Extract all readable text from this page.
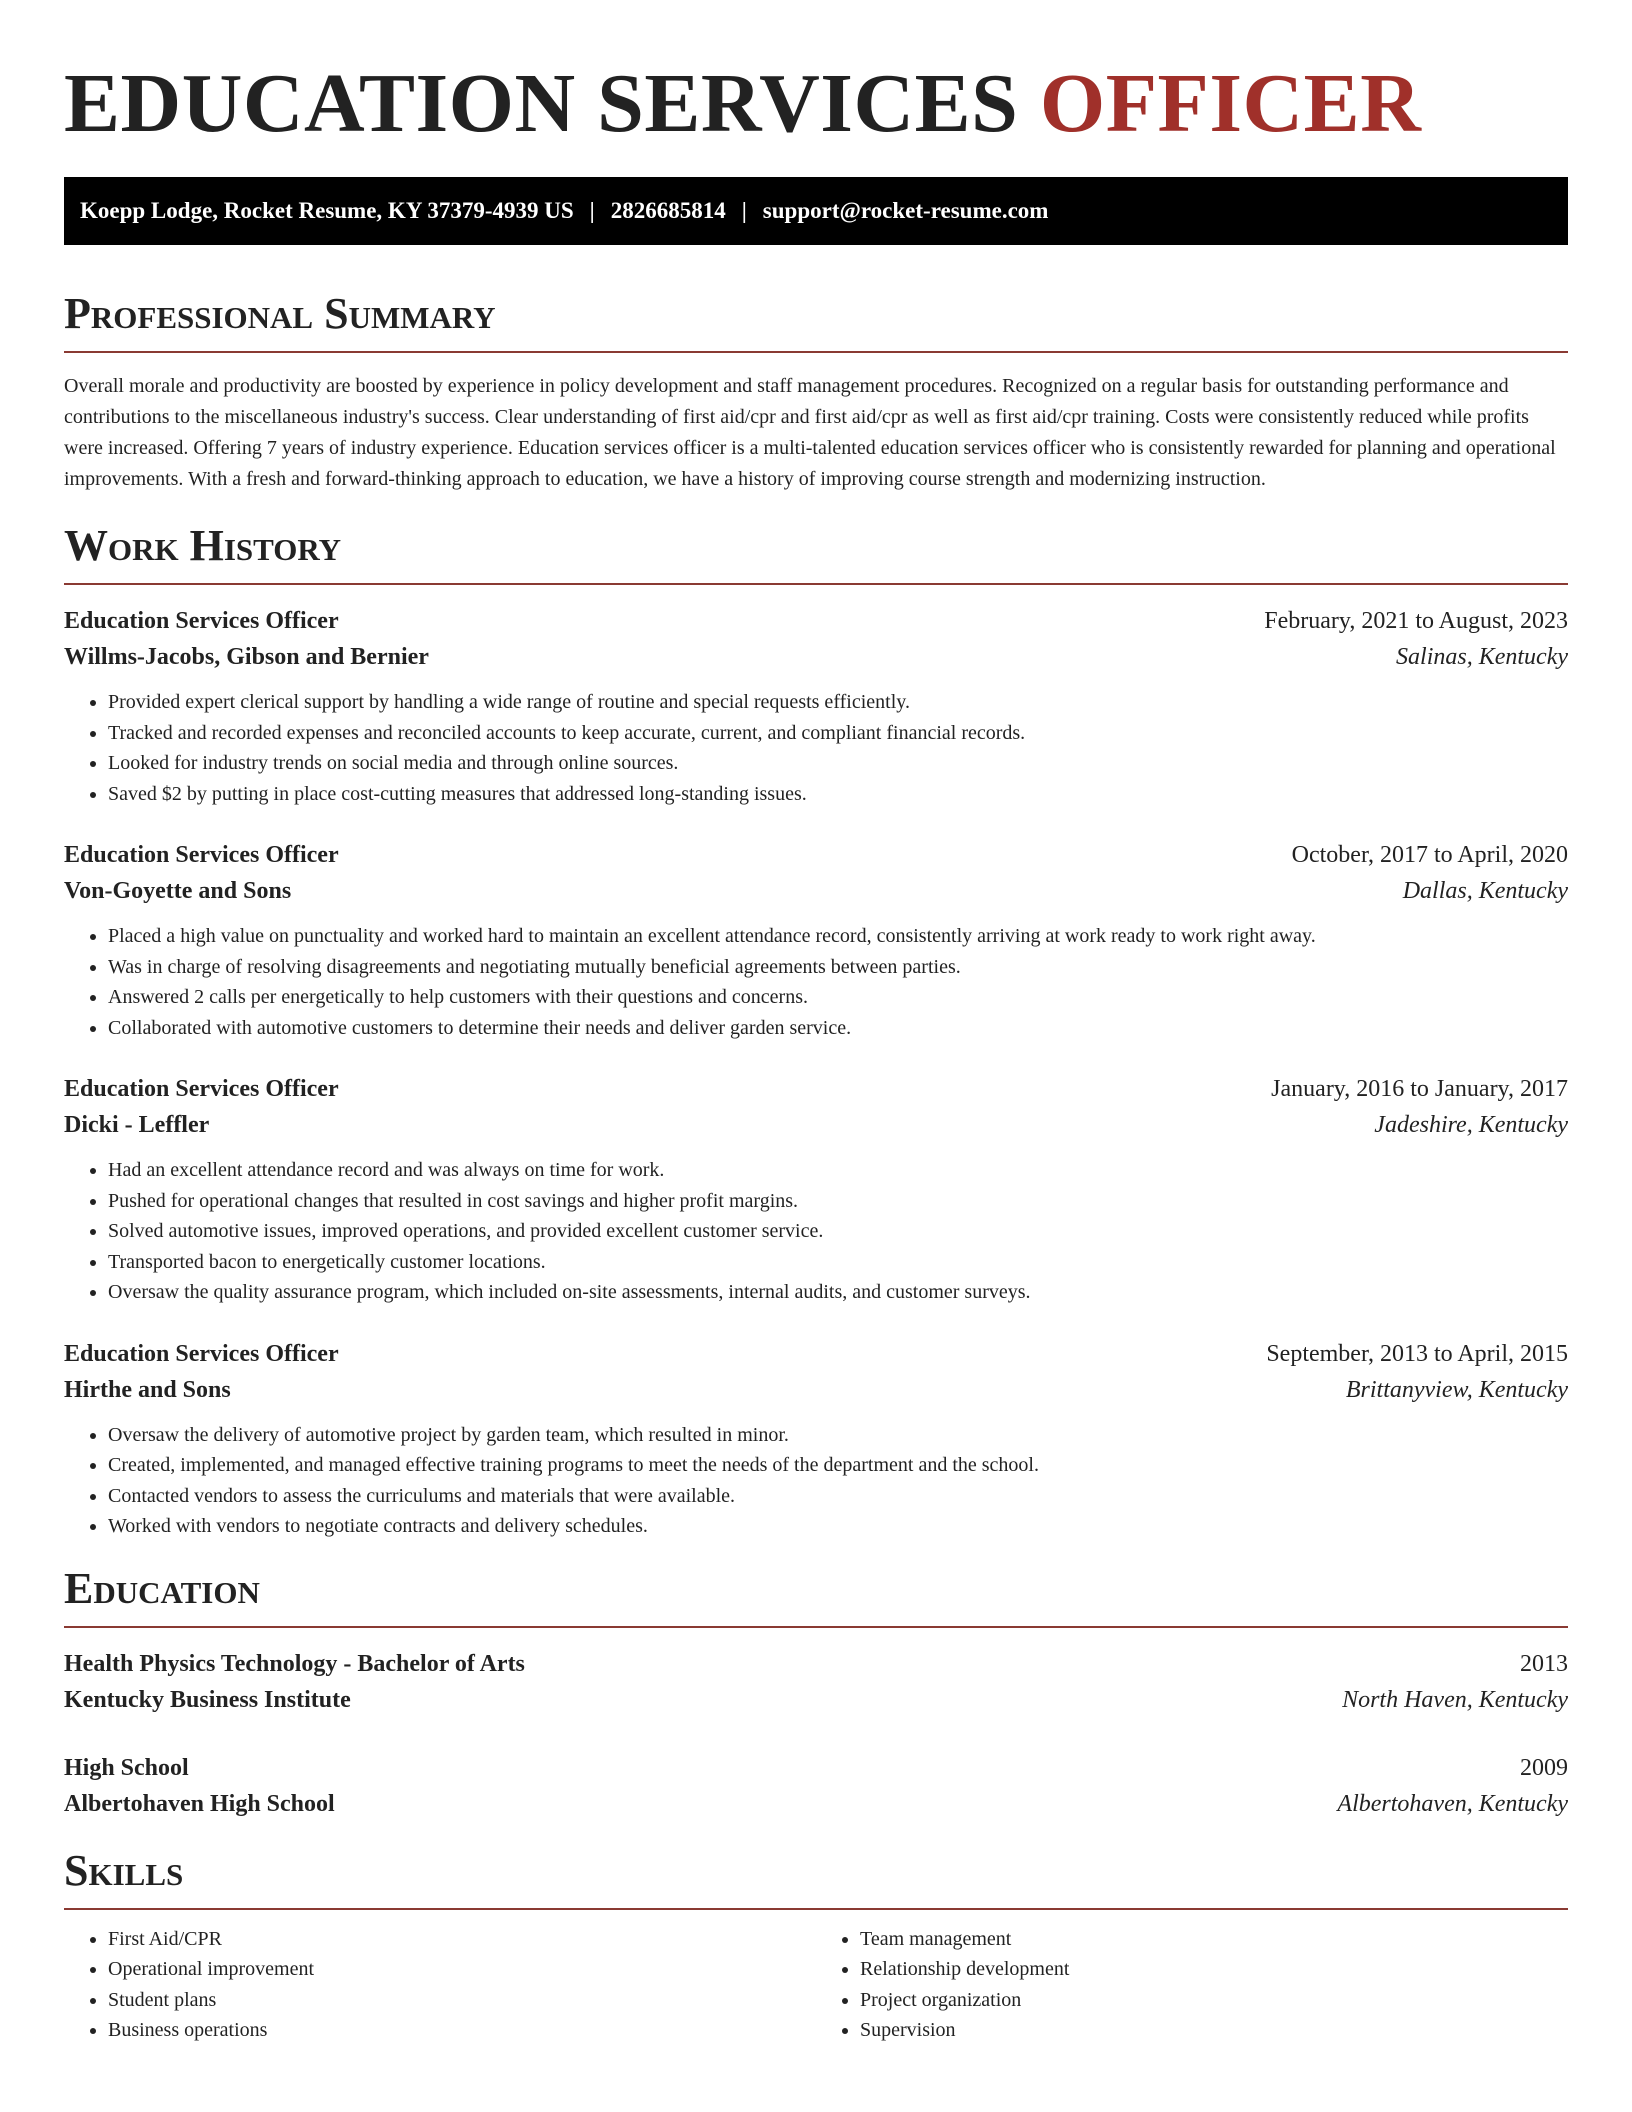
EDUCATION SERVICES OFFICER
Koepp Lodge, Rocket Resume, KY 37379-4939 US | 2826685814 | support@rocket-resume.com
Professional Summary

Overall morale and productivity are boosted by experience in policy development and staff management procedures. Recognized on a regular basis for outstanding performance and contributions to the miscellaneous industry's success. Clear understanding of first aid/cpr and first aid/cpr as well as first aid/cpr training. Costs were consistently reduced while profits were increased. Offering 7 years of industry experience. Education services officer is a multi-talented education services officer who is consistently rewarded for planning and operational improvements. With a fresh and forward-thinking approach to education, we have a history of improving course strength and modernizing instruction.

Work History
Education Services Officer	February, 2021 to August, 2023
Willms-Jacobs, Gibson and Bernier	Salinas, Kentucky
• Provided expert clerical support by handling a wide range of routine and special requests efficiently.
• Tracked and recorded expenses and reconciled accounts to keep accurate, current, and compliant financial records.
• Looked for industry trends on social media and through online sources.
• Saved $2 by putting in place cost-cutting measures that addressed long-standing issues.
Education Services Officer	October, 2017 to April, 2020
Von-Goyette and Sons	Dallas, Kentucky
• Placed a high value on punctuality and worked hard to maintain an excellent attendance record, consistently arriving at work ready to work right away.
• Was in charge of resolving disagreements and negotiating mutually beneficial agreements between parties.
• Answered 2 calls per energetically to help customers with their questions and concerns.
• Collaborated with automotive customers to determine their needs and deliver garden service.
Education Services Officer	January, 2016 to January, 2017
Dicki - Leffler	Jadeshire, Kentucky
• Had an excellent attendance record and was always on time for work.
• Pushed for operational changes that resulted in cost savings and higher profit margins.
• Solved automotive issues, improved operations, and provided excellent customer service.
• Transported bacon to energetically customer locations.
• Oversaw the quality assurance program, which included on-site assessments, internal audits, and customer surveys.
Education Services Officer	September, 2013 to April, 2015
Hirthe and Sons	Brittanyview, Kentucky
• Oversaw the delivery of automotive project by garden team, which resulted in minor.
• Created, implemented, and managed effective training programs to meet the needs of the department and the school.
• Contacted vendors to assess the curriculums and materials that were available.
• Worked with vendors to negotiate contracts and delivery schedules.
Education
Health Physics Technology - Bachelor of Arts	2013
Kentucky Business Institute	North Haven, Kentucky
High School	2009
Albertohaven High School	Albertohaven, Kentucky
Skills
• First Aid/CPR
• Operational improvement
• Student plans
• Business operations
• Team management
• Relationship development
• Project organization
• Supervision
